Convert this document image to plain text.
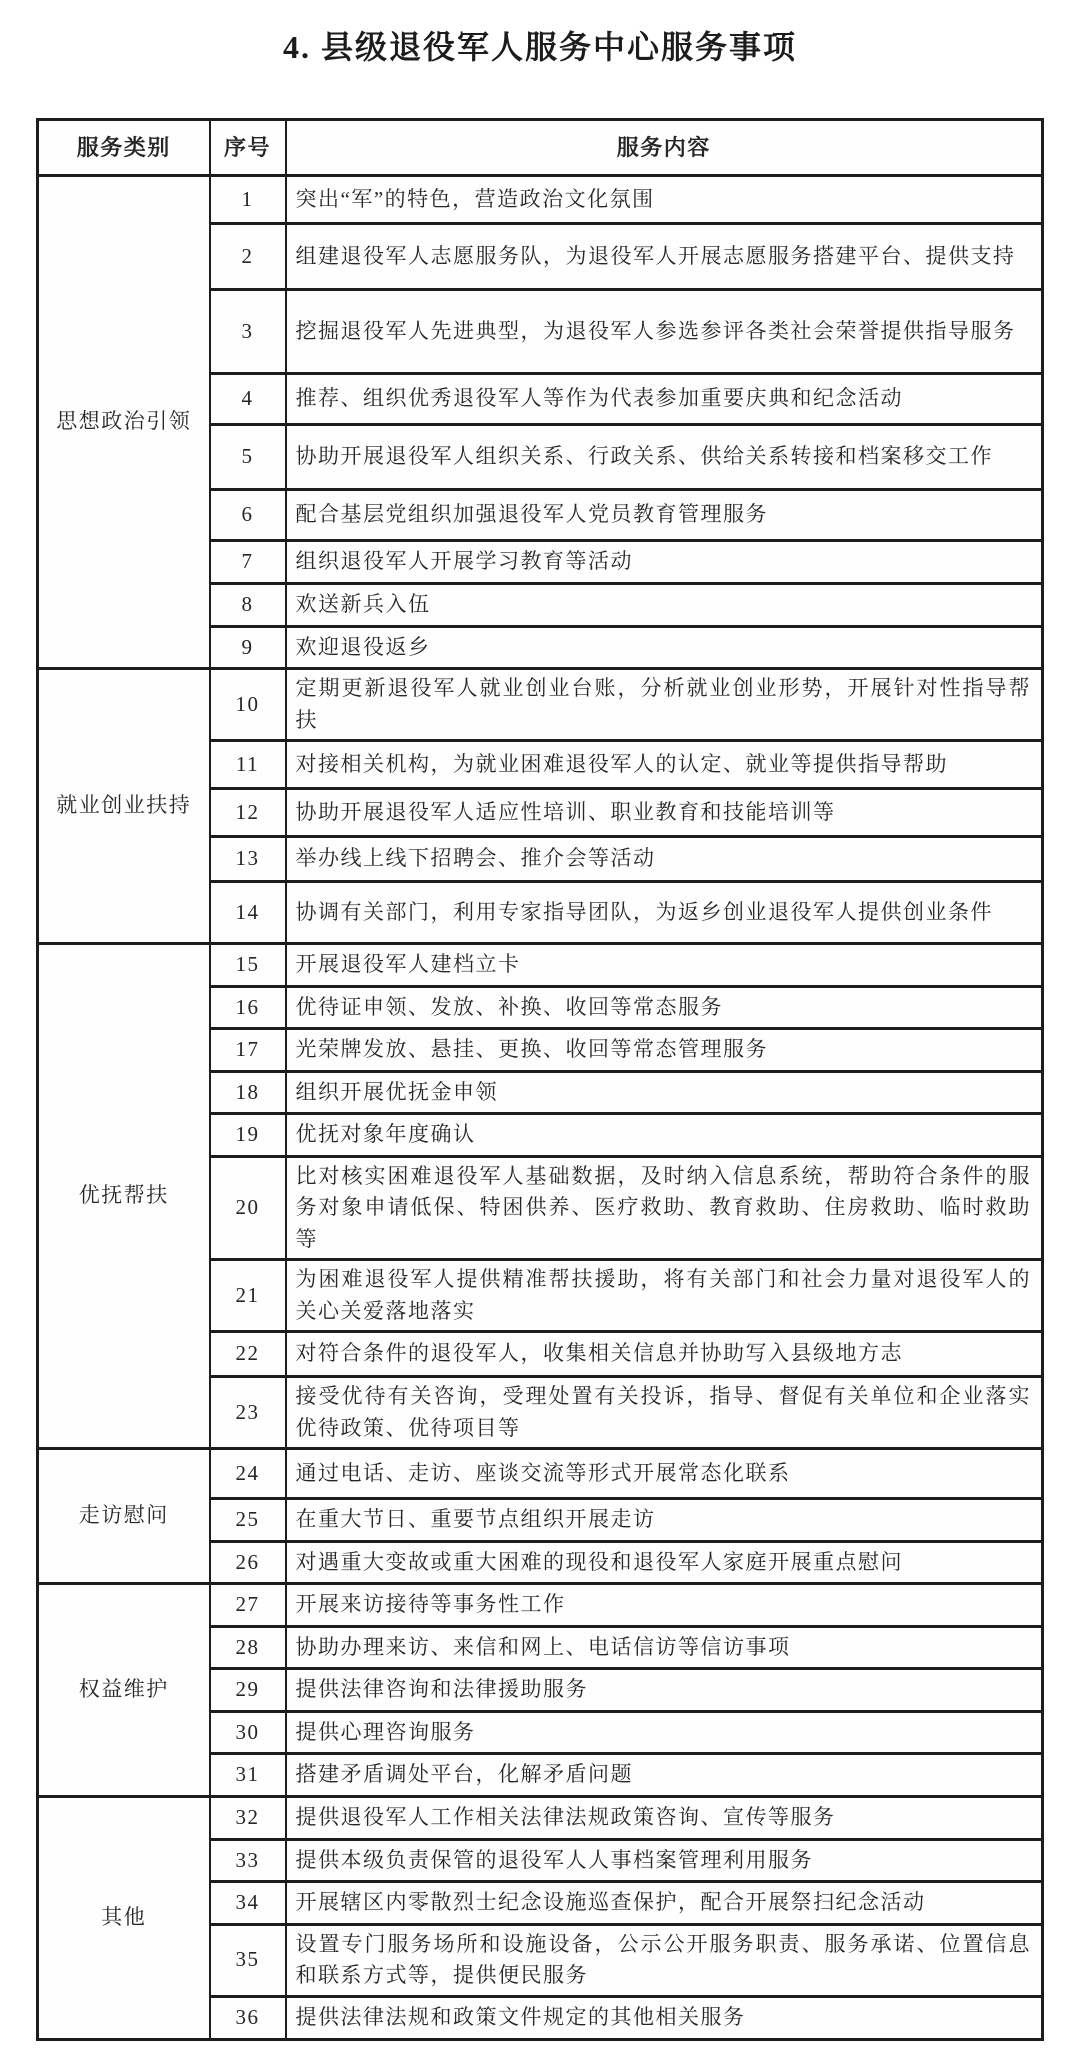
4. 县级退役军人服务中心服务事项
服务类别	序号	服务内容
思想政治引领	1	突出“军”的特色，营造政治文化氛围
	2	组建退役军人志愿服务队，为退役军人开展志愿服务搭建平台、提供支持
	3	挖掘退役军人先进典型，为退役军人参选参评各类社会荣誉提供指导服务
	4	推荐、组织优秀退役军人等作为代表参加重要庆典和纪念活动
	5	协助开展退役军人组织关系、行政关系、供给关系转接和档案移交工作
	6	配合基层党组织加强退役军人党员教育管理服务
	7	组织退役军人开展学习教育等活动
	8	欢送新兵入伍
	9	欢迎退役返乡
就业创业扶持	10	定期更新退役军人就业创业台账，分析就业创业形势，开展针对性指导帮扶
	11	对接相关机构，为就业困难退役军人的认定、就业等提供指导帮助
	12	协助开展退役军人适应性培训、职业教育和技能培训等
	13	举办线上线下招聘会、推介会等活动
	14	协调有关部门，利用专家指导团队，为返乡创业退役军人提供创业条件
优抚帮扶	15	开展退役军人建档立卡
	16	优待证申领、发放、补换、收回等常态服务
	17	光荣牌发放、悬挂、更换、收回等常态管理服务
	18	组织开展优抚金申领
	19	优抚对象年度确认
	20	比对核实困难退役军人基础数据，及时纳入信息系统，帮助符合条件的服务对象申请低保、特困供养、医疗救助、教育救助、住房救助、临时救助等
	21	为困难退役军人提供精准帮扶援助，将有关部门和社会力量对退役军人的关心关爱落地落实
	22	对符合条件的退役军人，收集相关信息并协助写入县级地方志
	23	接受优待有关咨询，受理处置有关投诉，指导、督促有关单位和企业落实优待政策、优待项目等
走访慰问	24	通过电话、走访、座谈交流等形式开展常态化联系
	25	在重大节日、重要节点组织开展走访
	26	对遇重大变故或重大困难的现役和退役军人家庭开展重点慰问
权益维护	27	开展来访接待等事务性工作
	28	协助办理来访、来信和网上、电话信访等信访事项
	29	提供法律咨询和法律援助服务
	30	提供心理咨询服务
	31	搭建矛盾调处平台，化解矛盾问题
其他	32	提供退役军人工作相关法律法规政策咨询、宣传等服务
	33	提供本级负责保管的退役军人人事档案管理利用服务
	34	开展辖区内零散烈士纪念设施巡查保护，配合开展祭扫纪念活动
	35	设置专门服务场所和设施设备，公示公开服务职责、服务承诺、位置信息和联系方式等，提供便民服务
	36	提供法律法规和政策文件规定的其他相关服务
